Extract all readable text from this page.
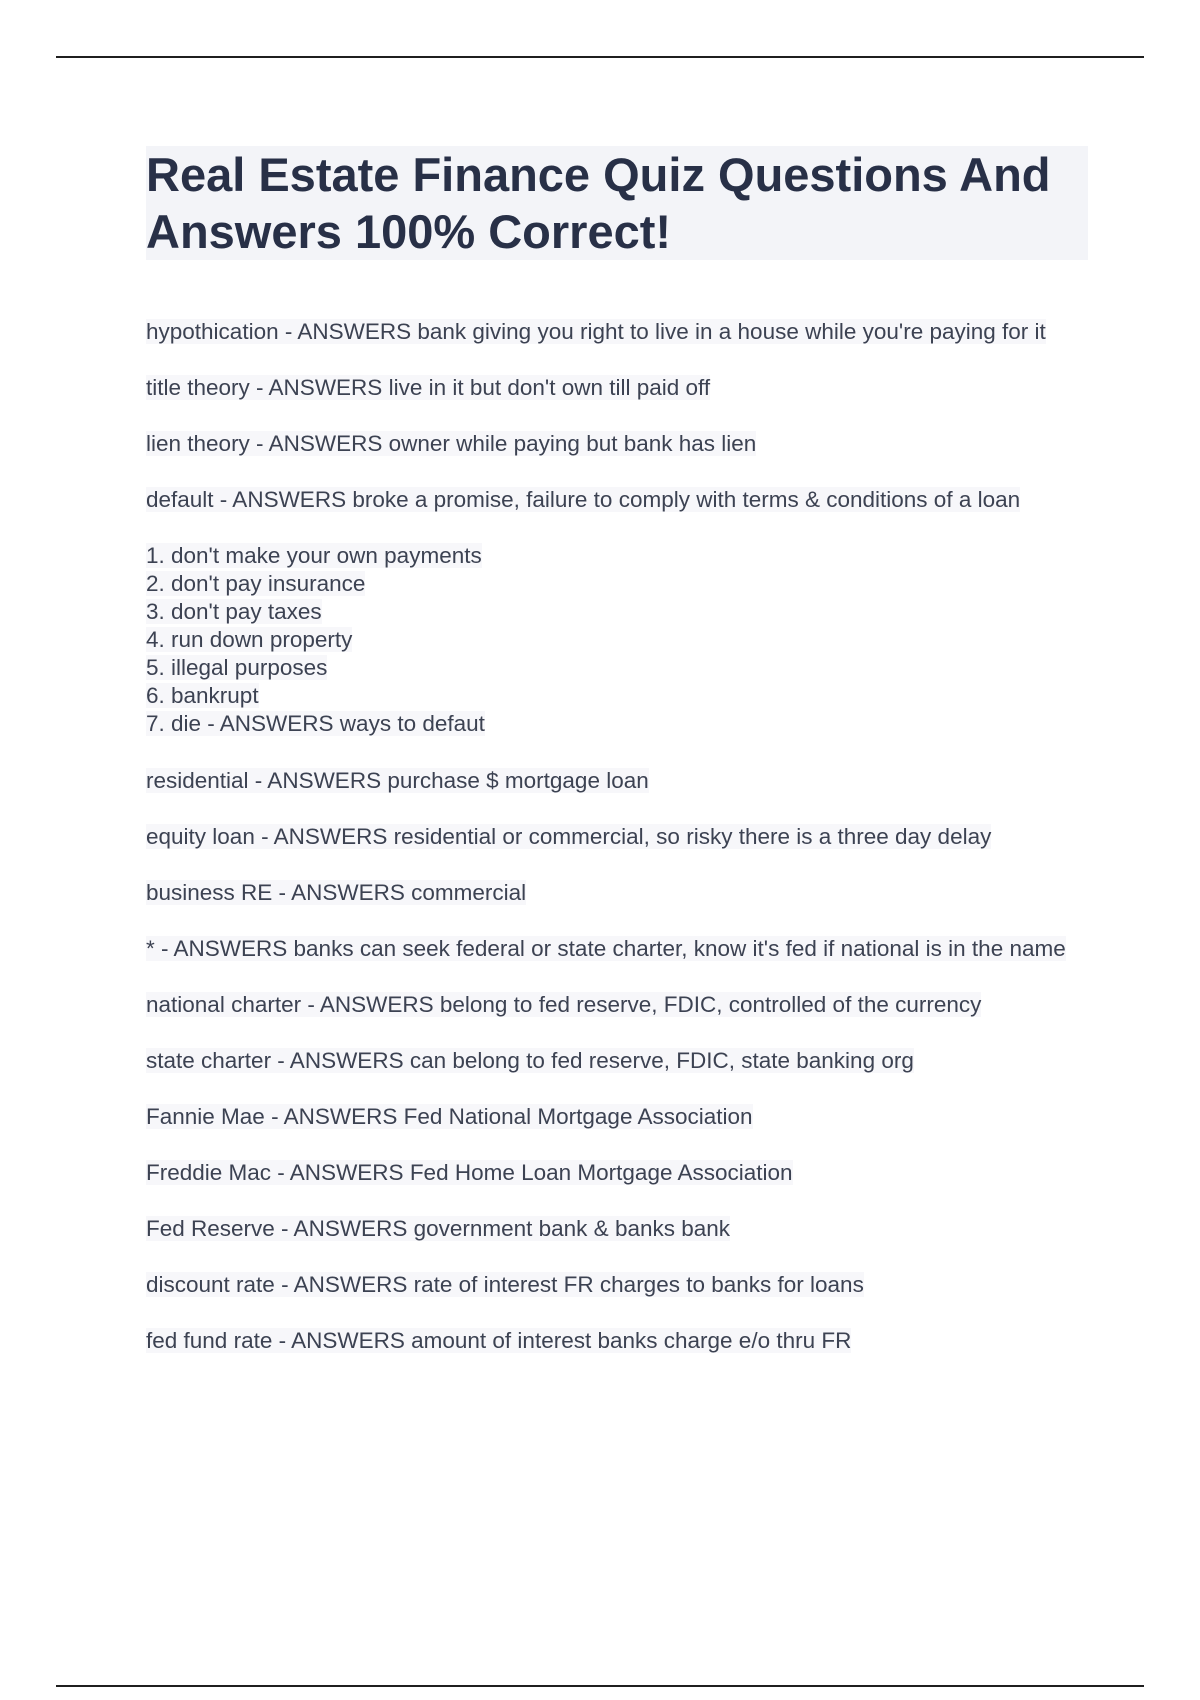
Real Estate Finance Quiz Questions And Answers 100% Correct!
hypothication - ANSWERS bank giving you right to live in a house while you're paying for it
title theory - ANSWERS live in it but don't own till paid off
lien theory - ANSWERS owner while paying but bank has lien
default - ANSWERS broke a promise, failure to comply with terms & conditions of a loan
1. don't make your own payments
2. don't pay insurance
3. don't pay taxes
4. run down property
5. illegal purposes
6. bankrupt
7. die - ANSWERS ways to defaut
residential - ANSWERS purchase $ mortgage loan
equity loan - ANSWERS residential or commercial, so risky there is a three day delay
business RE - ANSWERS commercial
* - ANSWERS banks can seek federal or state charter, know it's fed if national is in the name
national charter - ANSWERS belong to fed reserve, FDIC, controlled of the currency
state charter - ANSWERS can belong to fed reserve, FDIC, state banking org
Fannie Mae - ANSWERS Fed National Mortgage Association
Freddie Mac - ANSWERS Fed Home Loan Mortgage Association
Fed Reserve - ANSWERS government bank & banks bank
discount rate - ANSWERS rate of interest FR charges to banks for loans
fed fund rate - ANSWERS amount of interest banks charge e/o thru FR
